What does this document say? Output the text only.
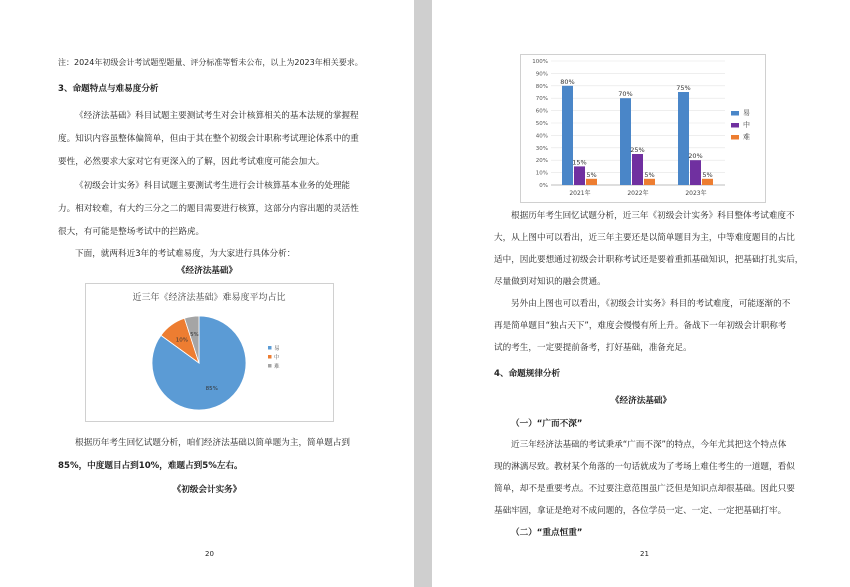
注：2024年初级会计考试题型题量、评分标准等暂未公布，以上为2023年相关要求。
3、命题特点与难易度分析
《经济法基础》科目试题主要测试考生对会计核算相关的基本法规的掌握程
度。知识内容虽整体偏简单，但由于其在整个初级会计职称考试理论体系中的重
要性，必然要求大家对它有更深入的了解，因此考试难度可能会加大。
《初级会计实务》科目试题主要测试考生进行会计核算基本业务的处理能
力。相对较难，有大约三分之二的题目需要进行核算，这部分内容出题的灵活性
很大，有可能是整场考试中的拦路虎。
下面，就两科近3年的考试难易度，为大家进行具体分析：
《经济法基础》
近三年《经济法基础》难易度平均占比
85%
10%
5%
易
中
难
根据历年考生回忆试题分析，咱们经济法基础以简单题为主，简单题占到
85%，中度题目占到10%，难题占到5%左右。
《初级会计实务》
20
0%
10%
20%
30%
40%
50%
60%
70%
80%
90%
100%
80%
15%
5%
70%
25%
5%
75%
20%
5%
2021年	2022年	2023年
易
中
难
根据历年考生回忆试题分析，近三年《初级会计实务》科目整体考试难度不
大，从上图中可以看出，近三年主要还是以简单题目为主，中等难度题目的占比
适中，因此要想通过初级会计职称考试还是要着重抓基础知识，把基础打扎实后，
尽量做到对知识的融会贯通。
另外由上图也可以看出，《初级会计实务》科目的考试难度，可能逐渐的不
再是简单题目“独占天下”，难度会慢慢有所上升。备战下一年初级会计职称考
试的考生，一定要提前备考，打好基础，准备充足。
4、命题规律分析
《经济法基础》
（一）“广而不深”
近三年经济法基础的考试秉承“广而不深”的特点，今年尤其把这个特点体
现的淋漓尽致。教材某个角落的一句话就成为了考场上难住考生的一道题，看似
简单，却不是重要考点。不过要注意范围虽广泛但是知识点却很基础。因此只要
基础牢固，拿证是绝对不成问题的，各位学员一定、一定、一定把基础打牢。
（二）“重点恒重”
21
